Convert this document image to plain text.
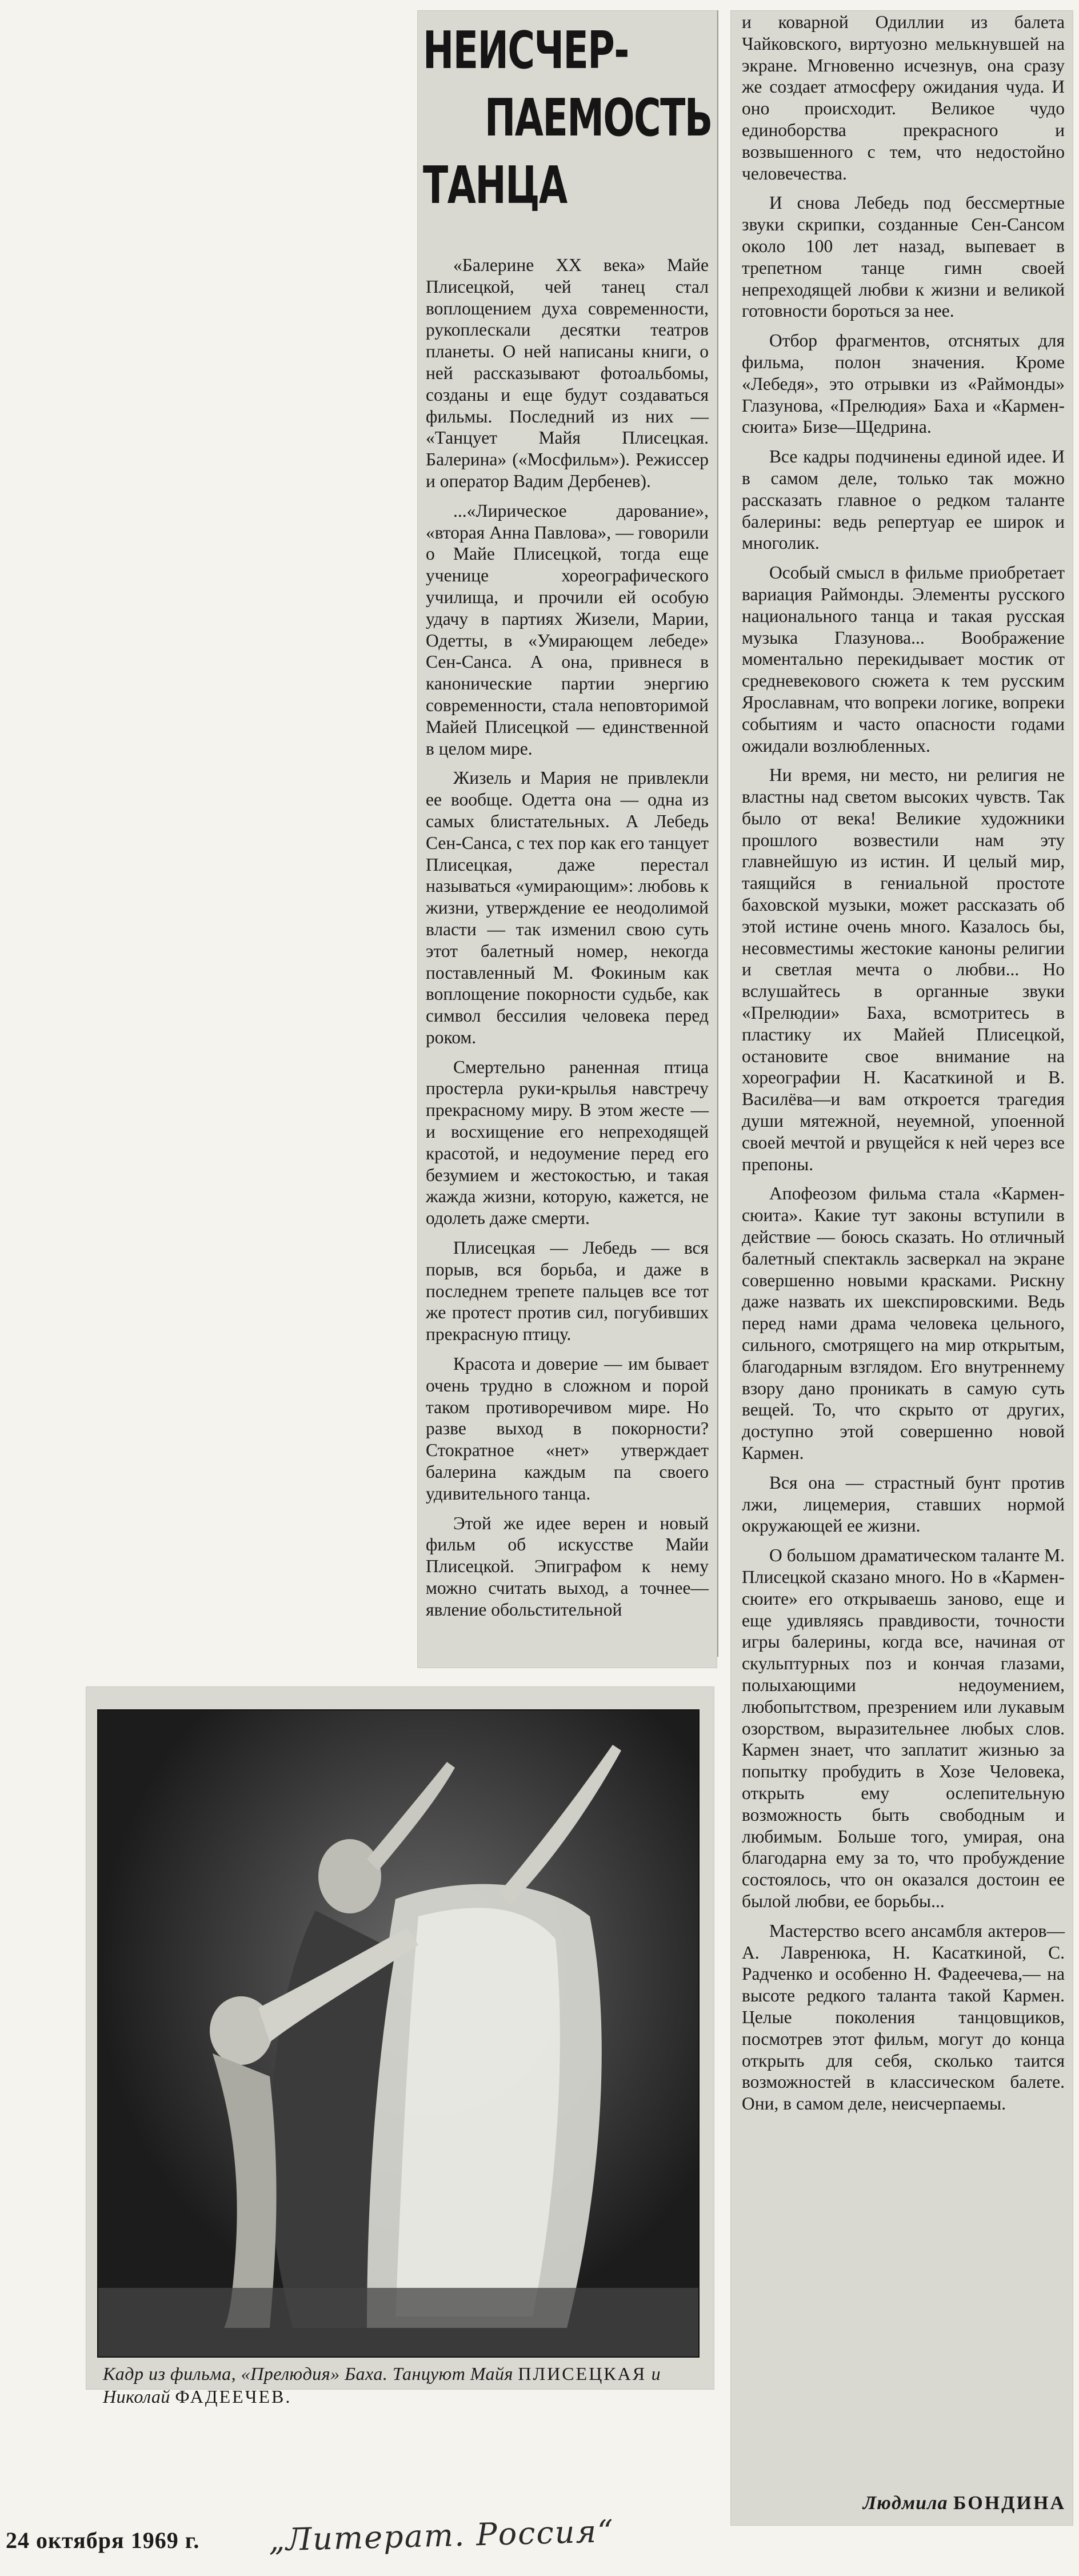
НЕИСЧЕР-
ПАЕМОСТЬ
ТАНЦА

«Балерине XX века» Майе Плисецкой, чей танец стал воплощением духа современности, рукоплескали десятки театров планеты. О ней написаны книги, о ней рассказывают фотоальбомы, созданы и еще будут создаваться фильмы. Последний из них — «Танцует Майя Плисецкая. Балерина» («Мосфильм»). Режиссер и оператор Вадим Дербенев).

...«Лирическое дарование», «вторая Анна Павлова», — говорили о Майе Плисецкой, тогда еще ученице хореографического училища, и прочили ей особую удачу в партиях Жизели, Марии, Одетты, в «Умирающем лебеде» Сен-Санса. А она, привнеся в канонические партии энергию современности, стала неповторимой Майей Плисецкой — единственной в целом мире.

Жизель и Мария не привлекли ее вообще. Одетта она — одна из самых блистательных. А Лебедь Сен-Санса, с тех пор как его танцует Плисецкая, даже перестал называться «умирающим»: любовь к жизни, утверждение ее неодолимой власти — так изменил свою суть этот балетный номер, некогда поставленный М. Фокиным как воплощение покорности судьбе, как символ бессилия человека перед роком.

Смертельно раненная птица простерла руки-крылья навстречу прекрасному миру. В этом жесте — и восхищение его непреходящей красотой, и недоумение перед его безумием и жестокостью, и такая жажда жизни, которую, кажется, не одолеть даже смерти.

Плисецкая — Лебедь — вся порыв, вся борьба, и даже в последнем трепете пальцев все тот же протест против сил, погубивших прекрасную птицу.

Красота и доверие — им бывает очень трудно в сложном и порой таком противоречивом мире. Но разве выход в покорности? Стократное «нет» утверждает балерина каждым па своего удивительного танца.

Этой же идее верен и новый фильм об искусстве Майи Плисецкой. Эпиграфом к нему можно считать выход, а точнее—явление обольстительной

и коварной Одиллии из балета Чайковского, виртуозно мелькнувшей на экране. Мгновенно исчезнув, она сразу же создает атмосферу ожидания чуда. И оно происходит. Великое чудо единоборства прекрасного и возвышенного с тем, что недостойно человечества.

И снова Лебедь под бессмертные звуки скрипки, созданные Сен-Сансом около 100 лет назад, выпевает в трепетном танце гимн своей непреходящей любви к жизни и великой готовности бороться за нее.

Отбор фрагментов, отснятых для фильма, полон значения. Кроме «Лебедя», это отрывки из «Раймонды» Глазунова, «Прелюдия» Баха и «Кармен-сюита» Бизе—Щедрина.

Все кадры подчинены единой идее. И в самом деле, только так можно рассказать главное о редком таланте балерины: ведь репертуар ее широк и многолик.

Особый смысл в фильме приобретает вариация Раймонды. Элементы русского национального танца и такая русская музыка Глазунова... Воображение моментально перекидывает мостик от средневекового сюжета к тем русским Ярославнам, что вопреки логике, вопреки событиям и часто опасности годами ожидали возлюбленных.

Ни время, ни место, ни религия не властны над светом высоких чувств. Так было от века! Великие художники прошлого возвестили нам эту главнейшую из истин. И целый мир, таящийся в гениальной простоте баховской музыки, может рассказать об этой истине очень много. Казалось бы, несовместимы жестокие каноны религии и светлая мечта о любви... Но вслушайтесь в органные звуки «Прелюдии» Баха, всмотритесь в пластику их Майей Плисецкой, остановите свое внимание на хореографии Н. Касаткиной и В. Василёва—и вам откроется трагедия души мятежной, неуемной, упоенной своей мечтой и рвущейся к ней через все препоны.

Апофеозом фильма стала «Кармен-сюита». Какие тут законы вступили в действие — боюсь сказать. Но отличный балетный спектакль засверкал на экране совершенно новыми красками. Рискну даже назвать их шекспировскими. Ведь перед нами драма человека цельного, сильного, смотрящего на мир открытым, благодарным взглядом. Его внутреннему взору дано проникать в самую суть вещей. То, что скрыто от других, доступно этой совершенно новой Кармен.

Вся она — страстный бунт против лжи, лицемерия, ставших нормой окружающей ее жизни.

О большом драматическом таланте М. Плисецкой сказано много. Но в «Кармен-сюите» его открываешь заново, еще и еще удивляясь правдивости, точности игры балерины, когда все, начиная от скульптурных поз и кончая глазами, полыхающими недоумением, любопытством, презрением или лукавым озорством, выразительнее любых слов. Кармен знает, что заплатит жизнью за попытку пробудить в Хозе Человека, открыть ему ослепительную возможность быть свободным и любимым. Больше того, умирая, она благодарна ему за то, что пробуждение состоялось, что он оказался достоин ее былой любви, ее борьбы...

Мастерство всего ансамбля актеров—А. Лавренюка, Н. Касаткиной, С. Радченко и особенно Н. Фадеечева,— на высоте редкого таланта такой Кармен. Целые поколения танцовщиков, посмотрев этот фильм, могут до конца открыть для себя, сколько таится возможностей в классическом балете. Они, в самом деле, неисчерпаемы.

Кадр из фильма, «Прелюдия» Баха. Танцуют Майя ПЛИСЕЦКАЯ и Николай ФАДЕЕЧЕВ.
Людмила БОНДИНА
24 октября 1969 г. „Литерат. Россия“
